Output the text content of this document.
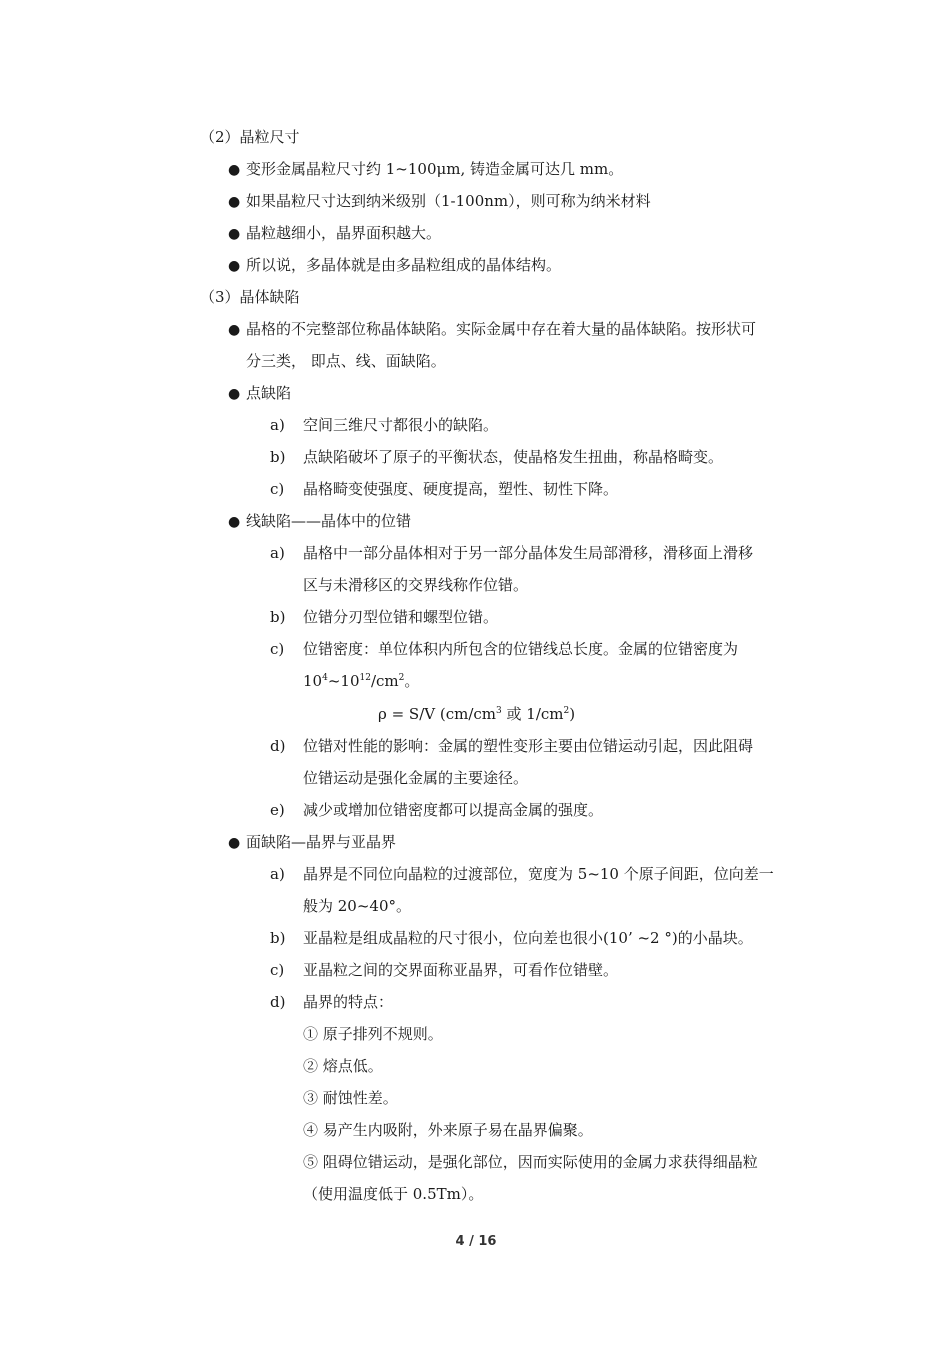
（2）晶粒尺寸
● 变形金属晶粒尺寸约 1~100μm, 铸造金属可达几 mm。
● 如果晶粒尺寸达到纳米级别（1-100nm），则可称为纳米材料
● 晶粒越细小，晶界面积越大。
● 所以说，多晶体就是由多晶粒组成的晶体结构。
（3）晶体缺陷
● 晶格的不完整部位称晶体缺陷。实际金属中存在着大量的晶体缺陷。按形状可
分三类， 即点、线、面缺陷。
● 点缺陷
a) 空间三维尺寸都很小的缺陷。
b) 点缺陷破坏了原子的平衡状态，使晶格发生扭曲，称晶格畸变。
c) 晶格畸变使强度、硬度提高，塑性、韧性下降。
● 线缺陷——晶体中的位错
a) 晶格中一部分晶体相对于另一部分晶体发生局部滑移，滑移面上滑移
区与未滑移区的交界线称作位错。
b) 位错分刃型位错和螺型位错。
c) 位错密度：单位体积内所包含的位错线总长度。金属的位错密度为
$10^4\sim 10^{12}/cm^2$。
ρ = S/V ($cm/cm^3$ 或 $1/cm^2$)
d) 位错对性能的影响：金属的塑性变形主要由位错运动引起，因此阻碍
位错运动是强化金属的主要途径。
e) 减少或增加位错密度都可以提高金属的强度。
● 面缺陷—晶界与亚晶界
a) 晶界是不同位向晶粒的过渡部位，宽度为 5~10 个原子间距，位向差一
般为 20~40°。
b) 亚晶粒是组成晶粒的尺寸很小，位向差也很小(10’ ~2 °)的小晶块。
c) 亚晶粒之间的交界面称亚晶界，可看作位错壁。
d) 晶界的特点：
① 原子排列不规则。
② 熔点低。
③ 耐蚀性差。
④ 易产生内吸附，外来原子易在晶界偏聚。
⑤ 阻碍位错运动，是强化部位，因而实际使用的金属力求获得细晶粒
（使用温度低于 0.5Tm）。
4 / 16
